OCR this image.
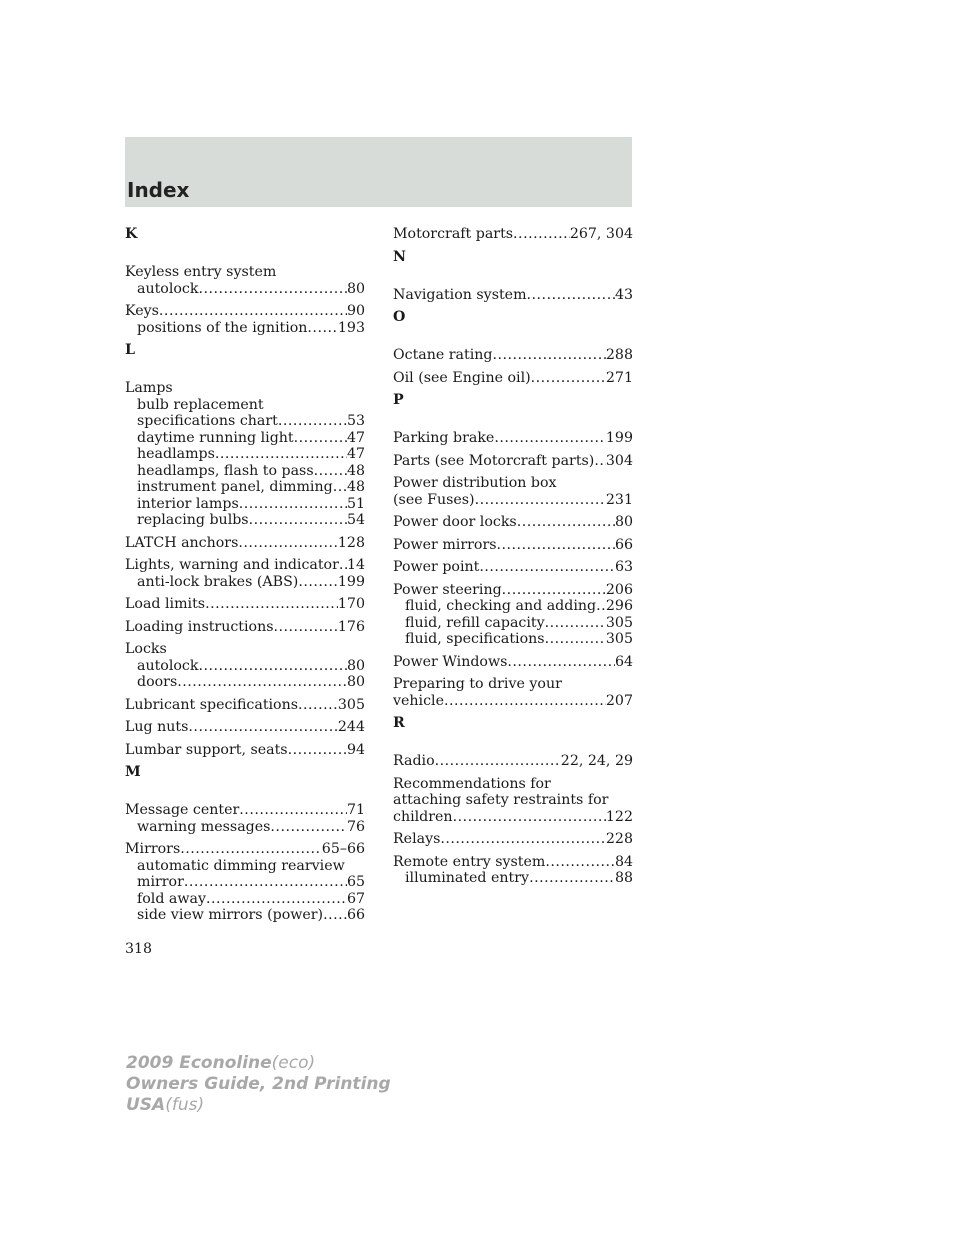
Index
K
Keyless entry system
autolock .....	80
Keys .....	90
positions of the ignition ..... 193
L
Lamps
bulb replacement
specifications chart .....	53
daytime running light .....	47
headlamps .....	47
headlamps, flash to pass ..... 48
instrument panel, dimming ..... 48
interior lamps .....	51
replacing bulbs .....	54
LATCH anchors .....	128
Lights, warning and indicator ..... 14
anti-lock brakes (ABS) .....	199
Load limits .....	170
Loading instructions .....	176
Locks
autolock .....	80
doors .....	80
Lubricant specifications .....	305
Lug nuts .....	244
Lumbar support, seats .....	94
M
Message center .....	71
warning messages .....	76
Mirrors .....	65–66
automatic dimming rearview
mirror .....	65
fold away .....	67
side view mirrors (power) ..... 66
Motorcraft parts .....	267, 304
N
Navigation system .....	43
O
Octane rating .....	288
Oil (see Engine oil) .....	271
P
Parking brake .....	199
Parts (see Motorcraft parts) ..... 304
Power distribution box
(see Fuses) .....	231
Power door locks .....	80
Power mirrors .....	66
Power point .....	63
Power steering .....	206
fluid, checking and adding ..... 296
fluid, refill capacity .....	305
fluid, specifications .....	305
Power Windows .....	64
Preparing to drive your
vehicle .....	207
R
Radio .....	22, 24, 29
Recommendations for
attaching safety restraints for
children .....	122
Relays .....	228
Remote entry system .....	84
illuminated entry .....	88
318
2009 Econoline(eco)
Owners Guide, 2nd Printing
USA(fus)
